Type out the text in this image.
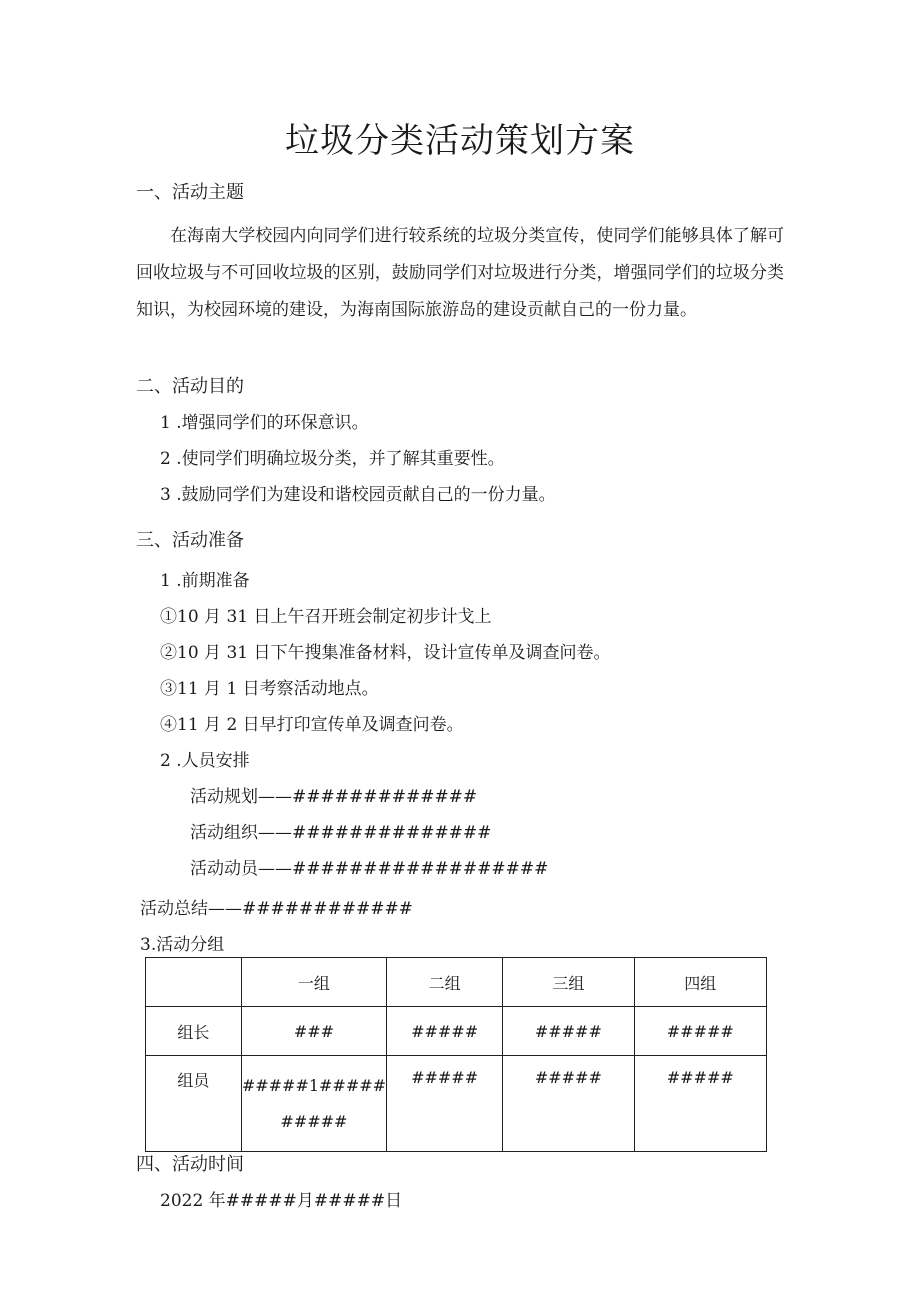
垃圾分类活动策划方案
一、活动主题
在海南大学校园内向同学们进行较系统的垃圾分类宣传，使同学们能够具体了解可回收垃圾与不可回收垃圾的区别，鼓励同学们对垃圾进行分类，增强同学们的垃圾分类知识，为校园环境的建设，为海南国际旅游岛的建设贡献自己的一份力量。
二、活动目的
1 .增强同学们的环保意识。
2 .使同学们明确垃圾分类，并了解其重要性。
3 .鼓励同学们为建设和谐校园贡献自己的一份力量。
三、活动准备
1 .前期准备
①10 月 31 日上午召开班会制定初步计戈上
②10 月 31 日下午搜集准备材料，设计宣传单及调查问卷。
③11 月 1 日考察活动地点。
④11 月 2 日早打印宣传单及调查问卷。
2 .人员安排
活动规划——#############
活动组织——##############
活动动员——##################
活动总结——############
3.活动分组
	一组	二组	三组	四组
组长	###	#####	#####	#####
组员	#####1#####
#####	#####	#####	#####
四、活动时间
2022 年#####月#####日
